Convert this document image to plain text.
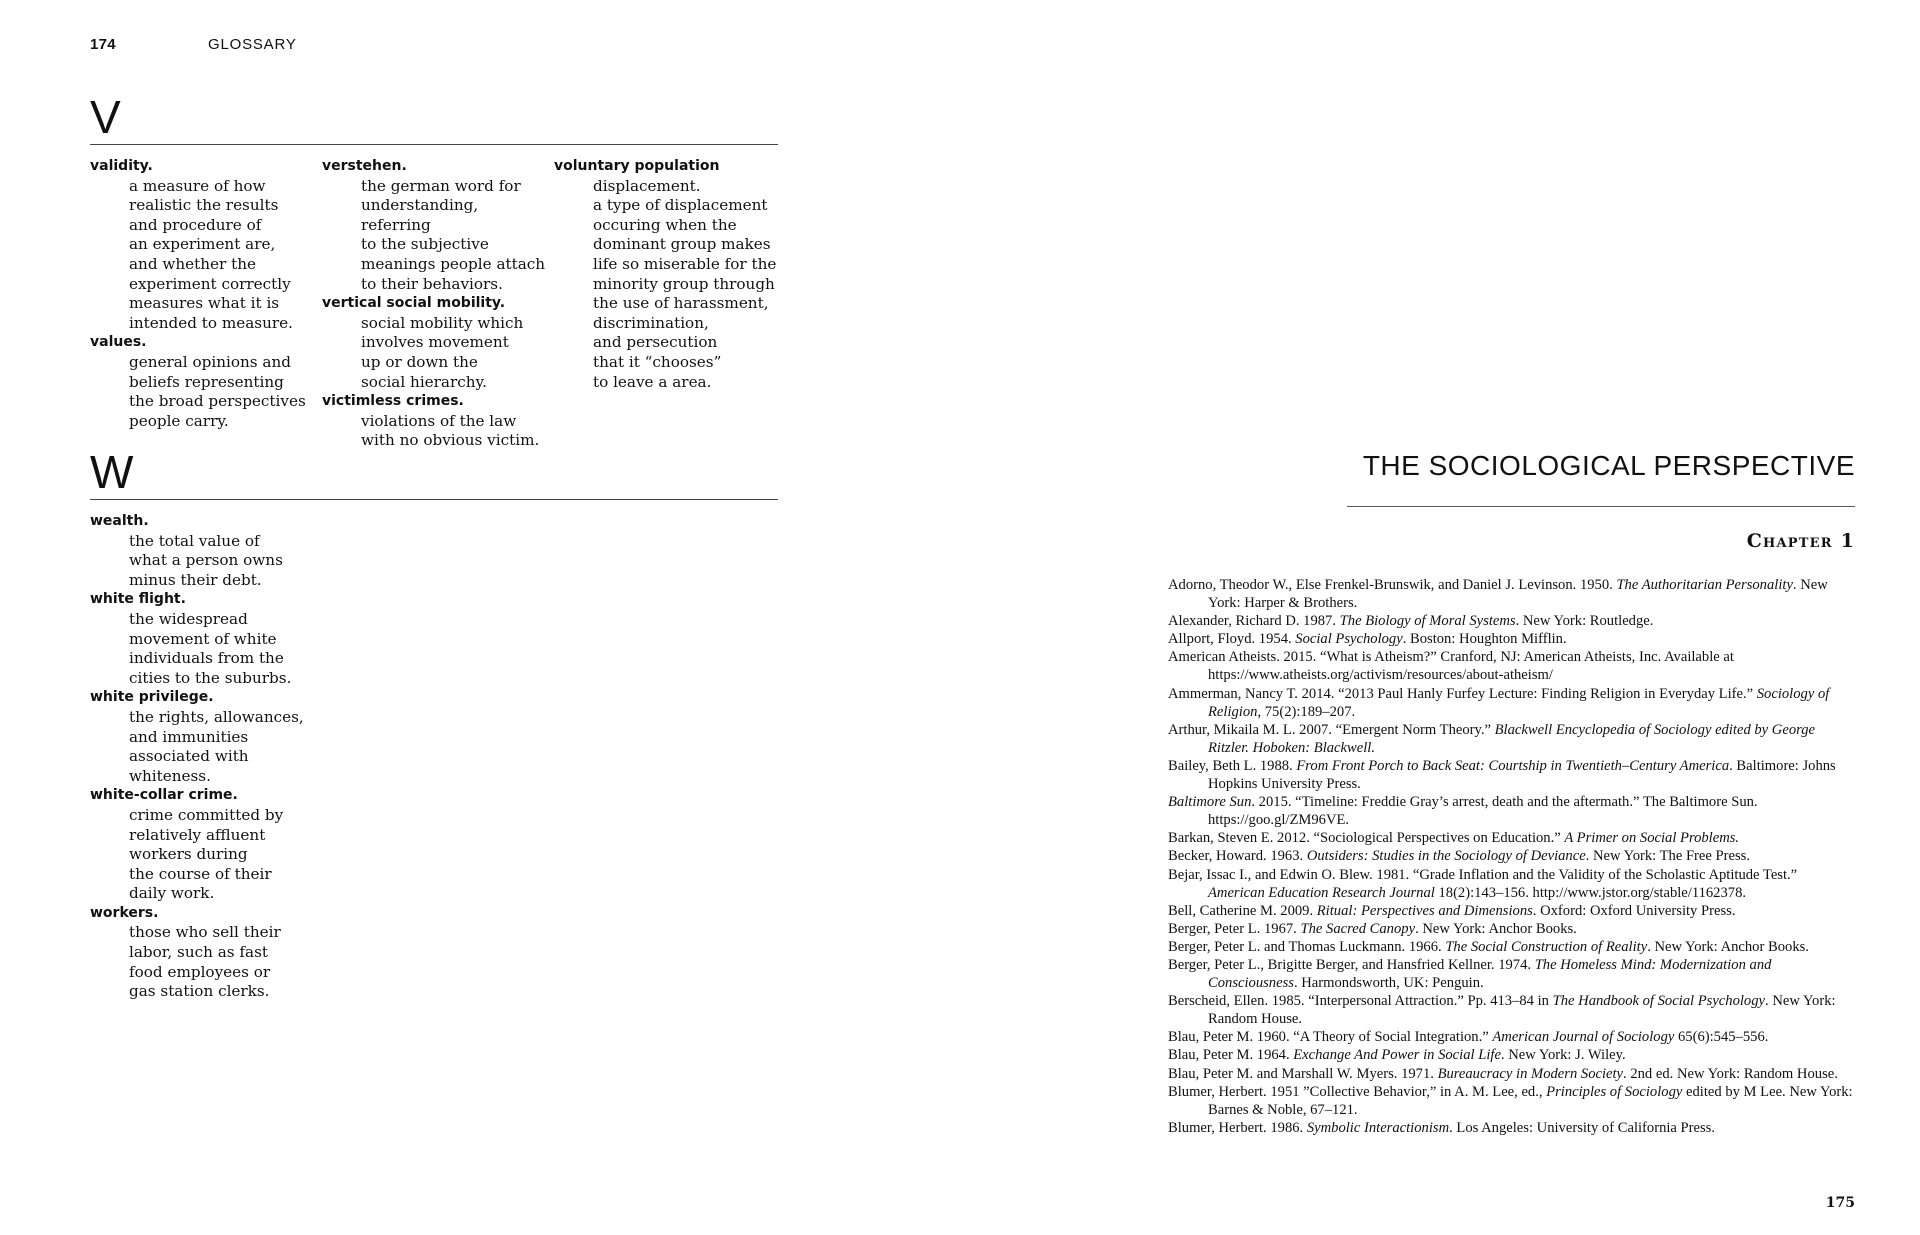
174	GLOSSARY
V
validity.
a measure of how
realistic the results
and procedure of
an experiment are,
and whether the
experiment correctly
measures what it is
intended to measure.
values.
general opinions and
beliefs representing
the broad perspectives
people carry.
verstehen.
the german word for
understanding, referring
to the subjective
meanings people attach
to their behaviors.
vertical social mobility.
social mobility which
involves movement
up or down the
social hierarchy.
victimless crimes.
violations of the law
with no obvious victim.
voluntary population
displacement.
a type of displacement
occuring when the
dominant group makes
life so miserable for the
minority group through
the use of harassment,
discrimination,
and persecution
that it “chooses”
to leave a area.
W
wealth.
the total value of
what a person owns
minus their debt.
white flight.
the widespread
movement of white
individuals from the
cities to the suburbs.
white privilege.
the rights, allowances,
and immunities
associated with
whiteness.
white-collar crime.
crime committed by
relatively affluent
workers during
the course of their
daily work.
workers.
those who sell their
labor, such as fast
food employees or
gas station clerks.
THE SOCIOLOGICAL PERSPECTIVE
Chapter 1
Adorno, Theodor W., Else Frenkel-Brunswik, and Daniel J. Levinson. 1950. The Authoritarian Personality. New York: Harper & Brothers.
Alexander, Richard D. 1987. The Biology of Moral Systems. New York: Routledge.
Allport, Floyd. 1954. Social Psychology. Boston: Houghton Mifflin.
American Atheists. 2015. “What is Atheism?” Cranford, NJ: American Atheists, Inc. Available at https://www.atheists.org/activism/resources/about-atheism/
Ammerman, Nancy T. 2014. “2013 Paul Hanly Furfey Lecture: Finding Religion in Everyday Life.” Sociology of Religion, 75(2):189–207.
Arthur, Mikaila M. L. 2007. “Emergent Norm Theory.” Blackwell Encyclopedia of Sociology edited by George Ritzler. Hoboken: Blackwell.
Bailey, Beth L. 1988. From Front Porch to Back Seat: Courtship in Twentieth–Century America. Baltimore: Johns Hopkins University Press.
Baltimore Sun. 2015. “Timeline: Freddie Gray’s arrest, death and the aftermath.” The Baltimore Sun. https://goo.gl/ZM96VE.
Barkan, Steven E. 2012. “Sociological Perspectives on Education.” A Primer on Social Problems.
Becker, Howard. 1963. Outsiders: Studies in the Sociology of Deviance. New York: The Free Press.
Bejar, Issac I., and Edwin O. Blew. 1981. “Grade Inflation and the Validity of the Scholastic Aptitude Test.” American Education Research Journal 18(2):143–156. http://www.jstor.org/stable/1162378.
Bell, Catherine M. 2009. Ritual: Perspectives and Dimensions. Oxford: Oxford University Press.
Berger, Peter L. 1967. The Sacred Canopy. New York: Anchor Books.
Berger, Peter L. and Thomas Luckmann. 1966. The Social Construction of Reality. New York: Anchor Books.
Berger, Peter L., Brigitte Berger, and Hansfried Kellner. 1974. The Homeless Mind: Modernization and Consciousness. Harmondsworth, UK: Penguin.
Berscheid, Ellen. 1985. “Interpersonal Attraction.” Pp. 413–84 in The Handbook of Social Psychology. New York: Random House.
Blau, Peter M. 1960. “A Theory of Social Integration.” American Journal of Sociology 65(6):545–556.
Blau, Peter M. 1964. Exchange And Power in Social Life. New York: J. Wiley.
Blau, Peter M. and Marshall W. Myers. 1971. Bureaucracy in Modern Society. 2nd ed. New York: Random House.
Blumer, Herbert. 1951 ”Collective Behavior,” in A. M. Lee, ed., Principles of Sociology edited by M Lee. New York: Barnes & Noble, 67–121.
Blumer, Herbert. 1986. Symbolic Interactionism. Los Angeles: University of California Press.
175
